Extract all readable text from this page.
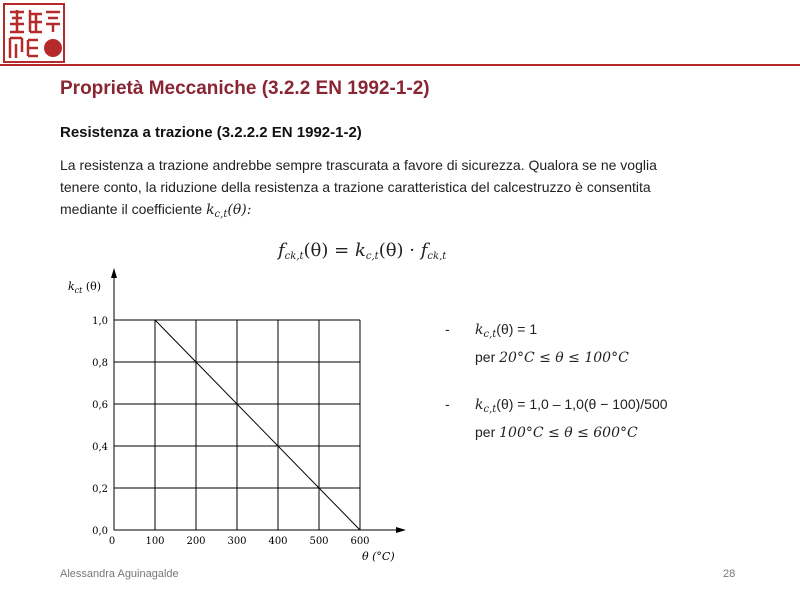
Proprietà Meccaniche (3.2.2 EN 1992-1-2)
Resistenza a trazione (3.2.2.2 EN 1992-1-2)
La resistenza a trazione andrebbe sempre trascurata a favore di sicurezza. Qualora se ne voglia
tenere conto, la riduzione della resistenza a trazione caratteristica del calcestruzzo è consentita
mediante il coefficiente $k_{c,t}(\theta)$:
$f_{ck,t}(\theta) = k_{c,t}(\theta) \cdot f_{ck,t}$
$k_{ct}$ (θ)
0	100 200 300 400 500 600
0,0
0,2
0,4
0,6
0,8
1,0
θ (°C)
- $k_{c,t}(\theta) = 1$
per 20°C ≤ θ ≤ 100°C
- $k_{c,t}(\theta) = 1,0 - 1,0(\theta - 100)/500$
per 100°C ≤ θ ≤ 600°C
Alessandra Aguinagalde	28
